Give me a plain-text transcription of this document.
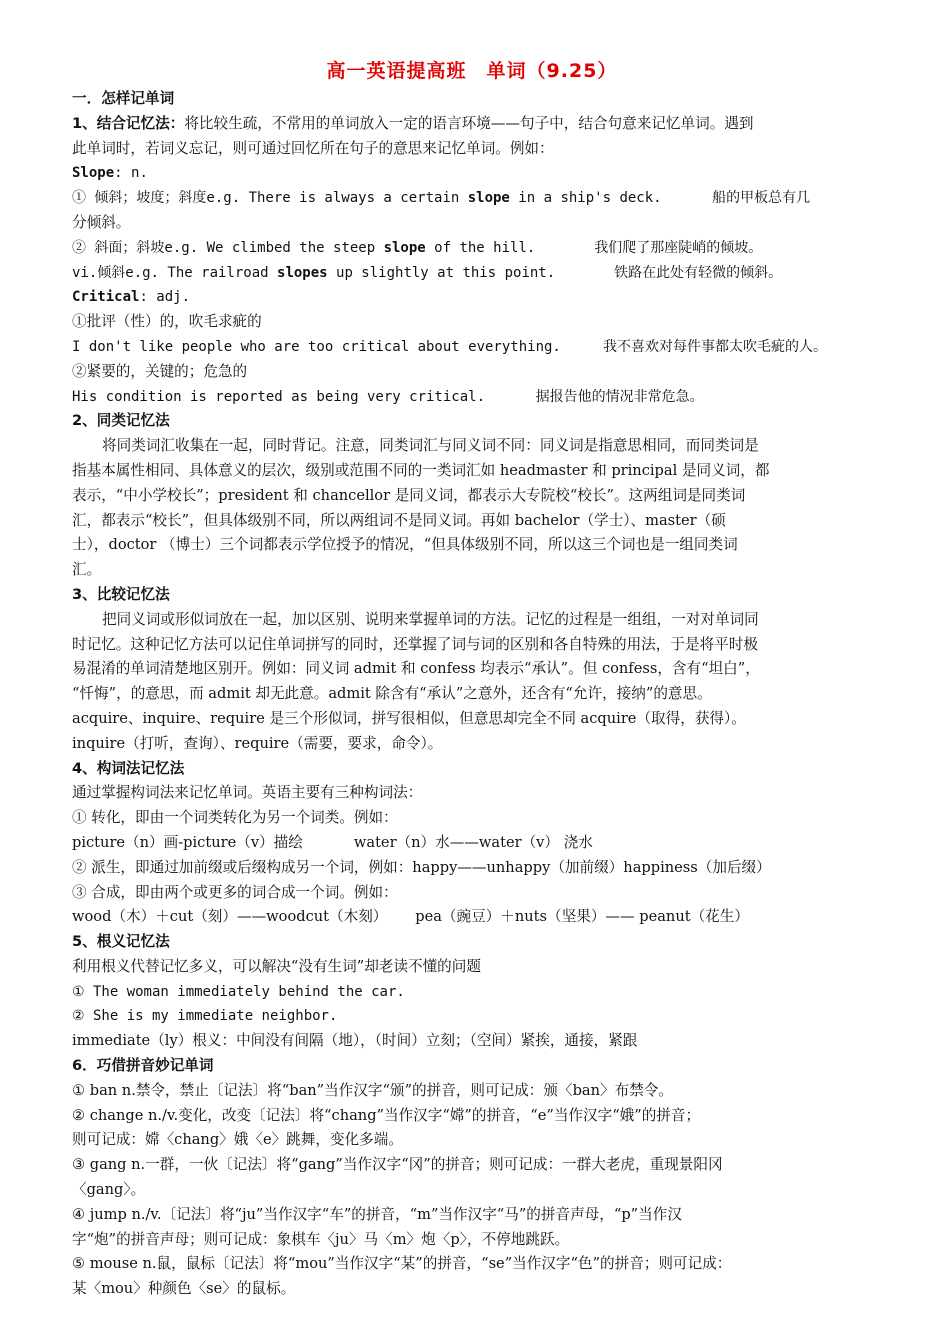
高一英语提高班　单词（9.25）
一．怎样记单词
1、结合记忆法：将比较生疏，不常用的单词放入一定的语言环境——句子中，结合句意来记忆单词。遇到
此单词时，若词义忘记，则可通过回忆所在句子的意思来记忆单词。例如：
Slope: n.
① 倾斜；坡度；斜度e.g. There is always a certain slope in a ship's deck.      船的甲板总有几
分倾斜。
② 斜面；斜坡e.g. We climbed the steep slope of the hill.       我们爬了那座陡峭的倾坡。
vi.倾斜e.g. The railroad slopes up slightly at this point.       铁路在此处有轻微的倾斜。
Critical: adj.
①批评（性）的，吹毛求疵的
I don't like people who are too critical about everything.     我不喜欢对每件事都太吹毛疵的人。
②紧要的，关键的；危急的
His condition is reported as being very critical.      据报告他的情况非常危急。
2、同类记忆法
将同类词汇收集在一起，同时背记。注意，同类词汇与同义词不同：同义词是指意思相同，而同类词是
指基本属性相同、具体意义的层次，级别或范围不同的一类词汇如 headmaster 和 principal 是同义词，都
表示，“中小学校长”；president 和 chancellor 是同义词，都表示大专院校“校长”。这两组词是同类词
汇，都表示“校长”，但具体级别不同，所以两组词不是同义词。再如 bachelor（学士）、master（硕
士），doctor （博士）三个词都表示学位授予的情况，“但具体级别不同，所以这三个词也是一组同类词
汇。
3、比较记忆法
把同义词或形似词放在一起，加以区别、说明来掌握单词的方法。记忆的过程是一组组，一对对单词同
时记忆。这种记忆方法可以记住单词拼写的同时，还掌握了词与词的区别和各自特殊的用法，于是将平时极
易混淆的单词清楚地区别开。例如：同义词 admit 和 confess 均表示“承认”。但 confess，含有“坦白”，
“忏悔”，的意思，而 admit 却无此意。admit 除含有“承认”之意外，还含有“允许，接纳”的意思。
acquire、inquire、require 是三个形似词，拼写很相似，但意思却完全不同 acquire（取得，获得）。
inquire（打听，查询）、require（需要，要求，命令）。
4、构词法记忆法
通过掌握构词法来记忆单词。英语主要有三种构词法：
① 转化，即由一个词类转化为另一个词类。例如：
picture（n）画-picture（v）描绘           water（n）水——water（v） 浇水
② 派生，即通过加前缀或后缀构成另一个词，例如：happy——unhappy（加前缀）happiness（加后缀）
③ 合成，即由两个或更多的词合成一个词。例如：
wood（木）＋cut（刻）——woodcut（木刻）      pea（豌豆）＋nuts（坚果）—— peanut（花生）
5、根义记忆法
利用根义代替记忆多义，可以解决“没有生词”却老读不懂的问题
① The woman immediately behind the car.
② She is my immediate neighbor.
immediate（ly）根义：中间没有间隔（地），（时间）立刻；（空间）紧挨，通接，紧跟
6．巧借拼音妙记单词
① ban n.禁令，禁止〔记法〕将“ban”当作汉字“颁”的拼音，则可记成：颁〈ban〉布禁令。
② change n./v.变化，改变〔记法〕将“chang”当作汉字“嫦”的拼音，“e”当作汉字“娥”的拼音；
则可记成：嫦〈chang〉娥〈e〉跳舞，变化多端。
③ gang n.一群，一伙〔记法〕将“gang”当作汉字“冈”的拼音；则可记成：一群大老虎，重现景阳冈
〈gang〉。
④ jump n./v.〔记法〕将“ju”当作汉字“车”的拼音，“m”当作汉字“马”的拼音声母，“p”当作汉
字“炮”的拼音声母；则可记成：象棋车〈ju〉马〈m〉炮〈p〉，不停地跳跃。
⑤ mouse n.鼠，鼠标〔记法〕将“mou”当作汉字“某”的拼音，“se”当作汉字“色”的拼音；则可记成：
某〈mou〉种颜色〈se〉的鼠标。
